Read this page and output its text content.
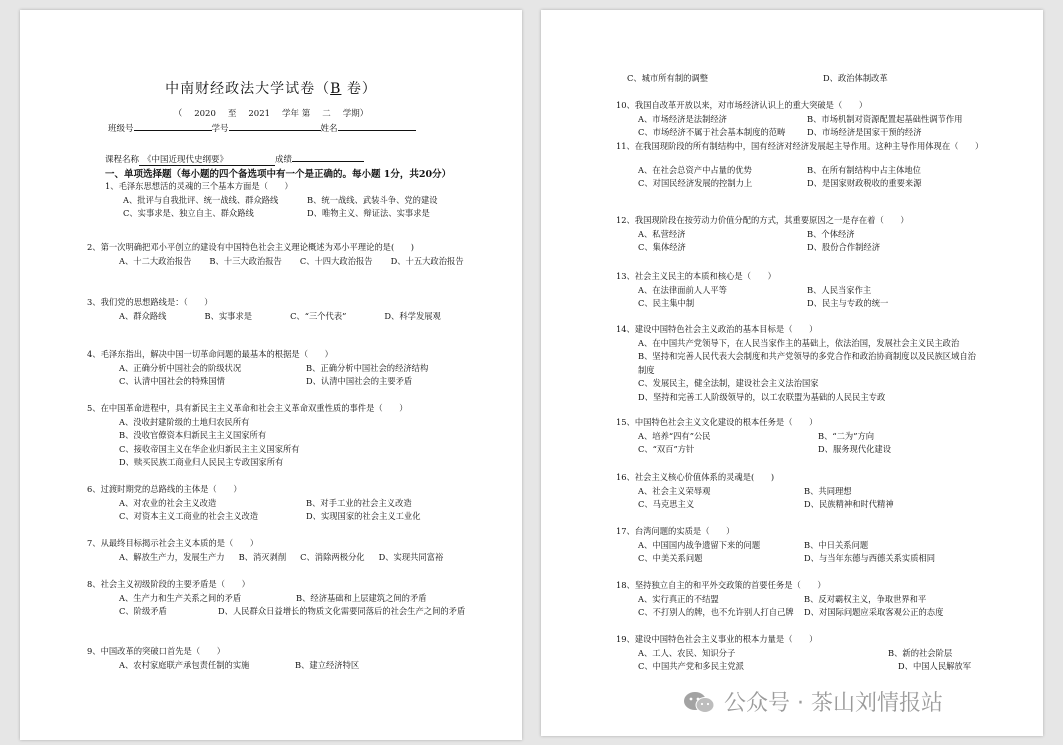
中南财经政法大学试卷（B 卷）
（ 2020 至 2021 学年 第 二 学期）
班级号	学号	姓名
课程名称 《中国近现代史纲要》	成绩
一、单项选择题（每小题的四个备选项中有一个是正确的。每小题 1分，共20分）
1、毛泽东思想活的灵魂的三个基本方面是（　　）
A、批评与自我批评、统一战线、群众路线	B、统一战线、武装斗争、党的建设
C、实事求是、独立自主、群众路线	D、唯物主义、辩证法、实事求是
2、第一次明确把邓小平创立的建设有中国特色社会主义理论概述为邓小平理论的是(　　)
A、十二大政治报告 B、十三大政治报告 C、十四大政治报告 D、十五大政治报告
3、我们党的思想路线是：（　　）
A、群众路线	B、实事求是	C、“三个代表”	D、科学发展观
4、毛泽东指出，解决中国一切革命问题的最基本的根据是（　　）
A、正确分析中国社会的阶级状况	B、正确分析中国社会的经济结构
C、认清中国社会的特殊国情	D、认清中国社会的主要矛盾
5、在中国革命进程中，具有新民主主义革命和社会主义革命双重性质的事件是（　　）
A、没收封建阶级的土地归农民所有
B、没收官僚资本归新民主主义国家所有
C、接收帝国主义在华企业归新民主主义国家所有
D、赎买民族工商业归人民民主专政国家所有
6、过渡时期党的总路线的主体是（　　）
A、对农业的社会主义改造	B、对手工业的社会主义改造
C、对资本主义工商业的社会主义改造	D、实现国家的社会主义工业化
7、从最终目标揭示社会主义本质的是（　　）
A、解放生产力，发展生产力 B、消灭剥削 C、消除两极分化 D、实现共同富裕
8、社会主义初级阶段的主要矛盾是（　　）
A、生产力和生产关系之间的矛盾	B、经济基础和上层建筑之间的矛盾
C、阶级矛盾	D、人民群众日益增长的物质文化需要同落后的社会生产之间的矛盾
9、中国改革的突破口首先是（　　）
A、农村家庭联产承包责任制的实施	B、建立经济特区
C、城市所有制的调整	D、政治体制改革
10、我国自改革开放以来，对市场经济认识上的重大突破是（　　）
A、市场经济是法制经济	B、市场机制对资源配置起基础性调节作用
C、市场经济不属于社会基本制度的范畴	D、市场经济是国家干预的经济
11、在我国现阶段的所有制结构中，国有经济对经济发展起主导作用。这种主导作用体现在（　　）
A、在社会总资产中占量的优势	B、在所有制结构中占主体地位
C、对国民经济发展的控制力上	D、是国家财政税收的重要来源
12、我国现阶段在按劳动力价值分配的方式，其重要原因之一是存在着（　　）
A、私营经济	B、个体经济
C、集体经济	D、股份合作制经济
13、社会主义民主的本质和核心是（　　）
A、在法律面前人人平等	B、人民当家作主
C、民主集中制	D、民主与专政的统一
14、建设中国特色社会主义政治的基本目标是（　　）
A、在中国共产党领导下，在人民当家作主的基础上，依法治国，发展社会主义民主政治
B、坚持和完善人民代表大会制度和共产党领导的多党合作和政治协商制度以及民族区域自治制度
C、发展民主，健全法制，建设社会主义法治国家
D、坚持和完善工人阶级领导的，以工农联盟为基础的人民民主专政
15、中国特色社会主义文化建设的根本任务是（　　）
A、培养“四有”公民	B、“二为”方向
C、“双百”方针	D、服务现代化建设
16、社会主义核心价值体系的灵魂是(　　)
A、社会主义荣辱观	B、共同理想
C、马克思主义	D、民族精神和时代精神
17、台湾问题的实质是（　　）
A、中国国内战争遗留下来的问题	B、中日关系问题
C、中美关系问题	D、与当年东德与西德关系实质相同
18、坚持独立自主的和平外交政策的首要任务是（　　）
A、实行真正的不结盟	B、反对霸权主义，争取世界和平
C、不打别人的牌，也不允许别人打自己牌	D、对国际问题应采取客观公正的态度
19、建设中国特色社会主义事业的根本力量是（　　）
A、工人、农民、知识分子	B、新的社会阶层
C、中国共产党和多民主党派	D、中国人民解放军
公众号 · 茶山刘情报站
